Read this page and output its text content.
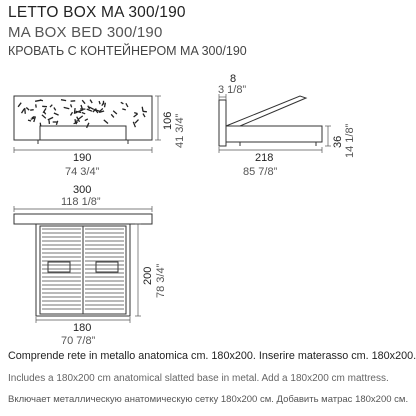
LETTO BOX MA 300/190
MA BOX BED 300/190
КРОВАТЬ С КОНТЕЙНЕРОМ MA 300/190
190
74 3/4”
106 41 3/4”
8
3 1/8”
218
85 7/8”
36 14 1/8”
300
118 1/8”
200 78 3/4”
180
70 7/8”
Comprende rete in metallo anatomica cm. 180x200. Inserire materasso cm. 180x200.
Includes a 180x200 cm anatomical slatted base in metal. Add a 180x200 cm mattress.
Включает металлическую анатомическую сетку 180x200 см. Добавить матрас 180x200 см.
